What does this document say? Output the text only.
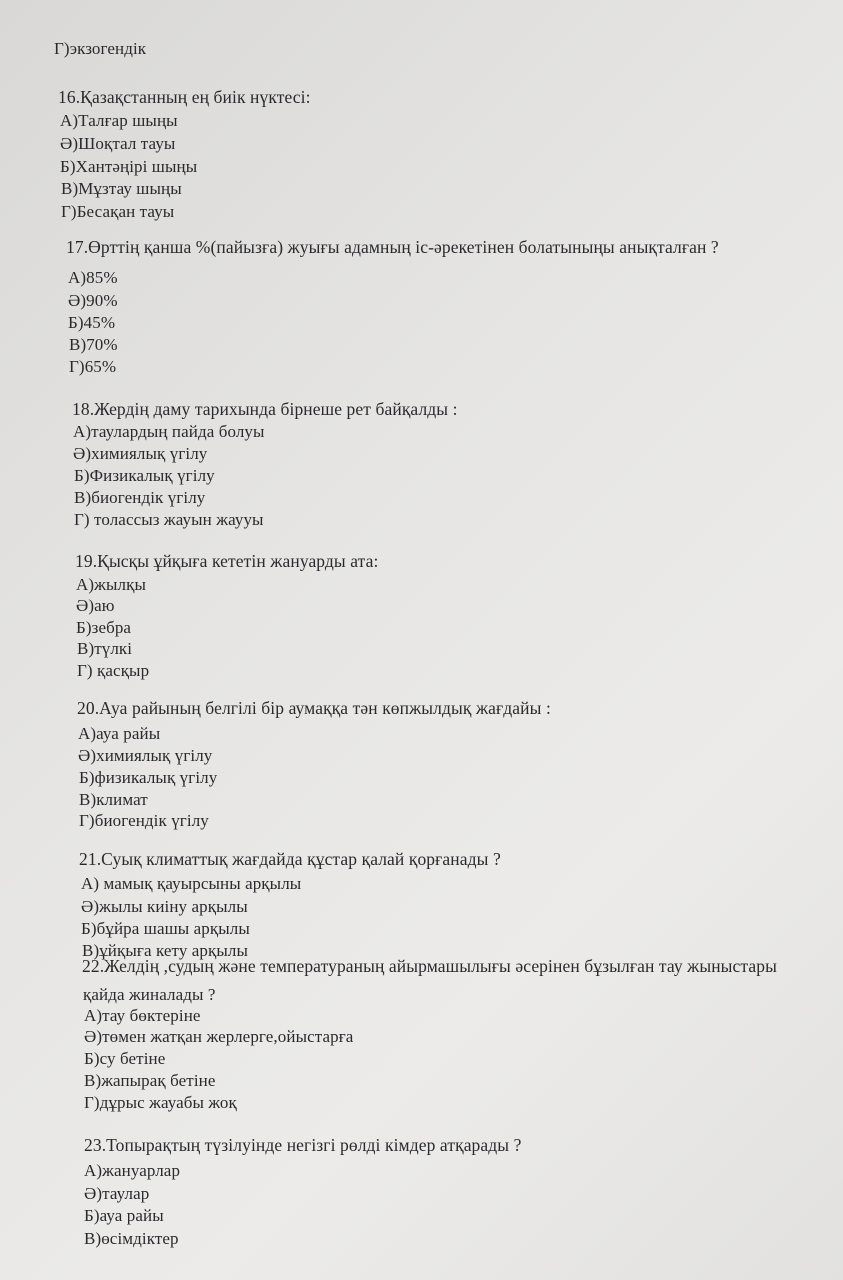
Г)экзогендік
16.Қазақстанның ең биік нүктесі:
А)Талғар шыңы
Ә)Шоқтал тауы
Б)Хантәңірі шыңы
В)Мұзтау шыңы
Г)Бесақан тауы
17.Өрттің қанша %(пайызға) жуығы адамның іс-әрекетінен болатыныңы анықталған ?
А)85%
Ә)90%
Б)45%
В)70%
Г)65%
18.Жердің даму тарихында бірнеше рет байқалды :
А)таулардың пайда болуы
Ә)химиялық үгілу
Б)Физикалық үгілу
В)биогендік үгілу
Г) толассыз жауын жаууы
19.Қысқы ұйқыға кететін жануарды ата:
А)жылқы
Ә)аю
Б)зебра
В)түлкі
Г) қасқыр
20.Ауа райының белгілі бір аумаққа тән көпжылдық жағдайы :
А)ауа райы
Ә)химиялық үгілу
Б)физикалық үгілу
В)климат
Г)биогендік үгілу
21.Суық климаттық жағдайда құстар қалай қорғанады ?
А) мамық қауырсыны арқылы
Ә)жылы киіну арқылы
Б)бұйра шашы арқылы
В)ұйқыға кету арқылы
22.Желдің ,судың және температураның айырмашылығы әсерінен бұзылған тау жыныстары
қайда жиналады ?
А)тау бөктеріне
Ә)төмен жатқан жерлерге,ойыстарға
Б)су бетіне
В)жапырақ бетіне
Г)дұрыс жауабы жоқ
23.Топырақтың түзілуінде негізгі рөлді кімдер атқарады ?
А)жануарлар
Ә)таулар
Б)ауа райы
В)өсімдіктер
